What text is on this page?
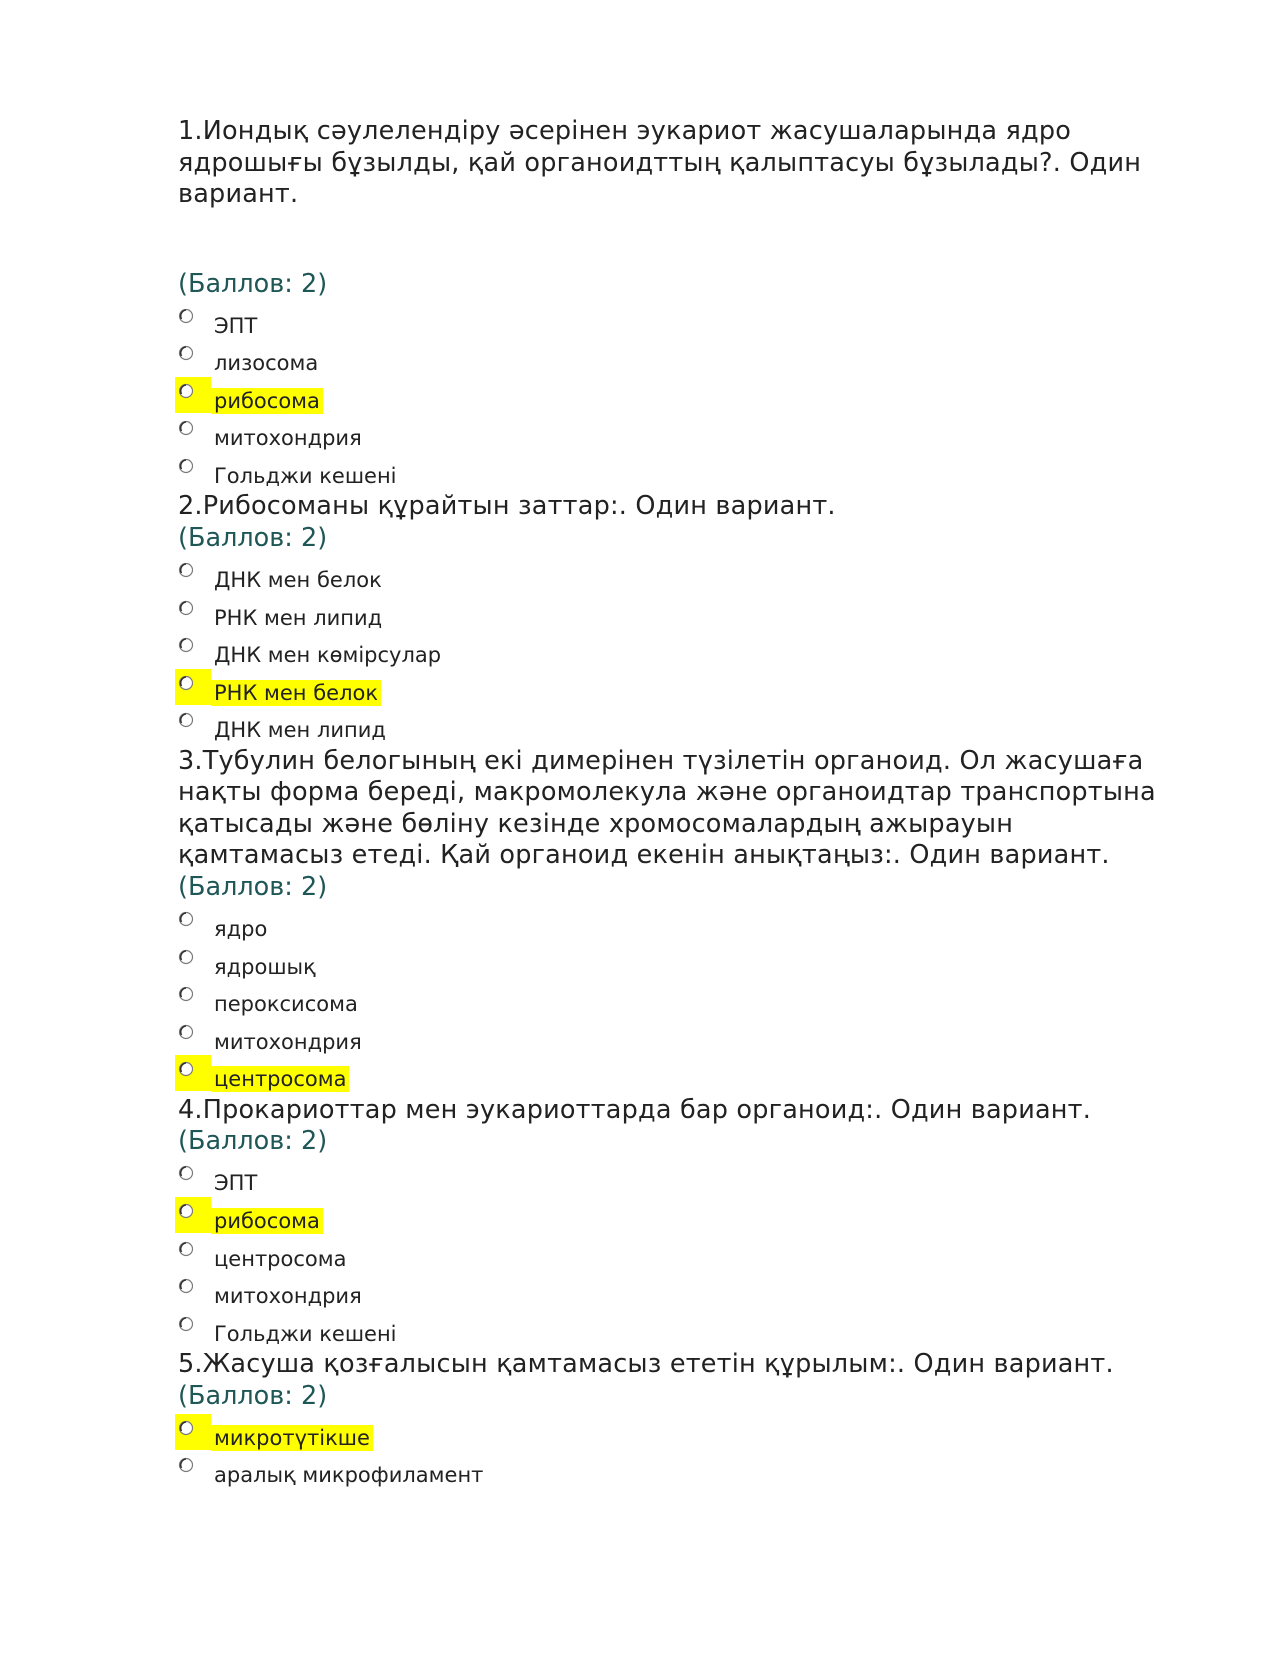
1.Иондық сәулелендіру әсерінен эукариот жасушаларында ядро ядрошығы бұзылды, қай органоидттың қалыптасуы бұзылады?. Один вариант.

(Баллов: 2)

ЭПТ
лизосома
рибосома
митохондрия
Гольджи кешені

2.Рибосоманы құрайтын заттар:. Один вариант.

(Баллов: 2)

ДНК мен белок
РНК мен липид
ДНК мен көмірсулар
РНК мен белок
ДНК мен липид

3.Тубулин белогының екі димерінен түзілетін органоид. Ол жасушаға нақты форма береді, макромолекула және органоидтар транспортына қатысады және бөліну кезінде хромосомалардың ажырауын қамтамасыз етеді. Қай органоид екенін анықтаңыз:. Один вариант.

(Баллов: 2)

ядро
ядрошық
пероксисома
митохондрия
центросома

4.Прокариоттар мен эукариоттарда бар органоид:. Один вариант.

(Баллов: 2)

ЭПТ
рибосома
центросома
митохондрия
Гольджи кешені

5.Жасуша қозғалысын қамтамасыз ететін құрылым:. Один вариант.

(Баллов: 2)

микротүтікше
аралық микрофиламент
